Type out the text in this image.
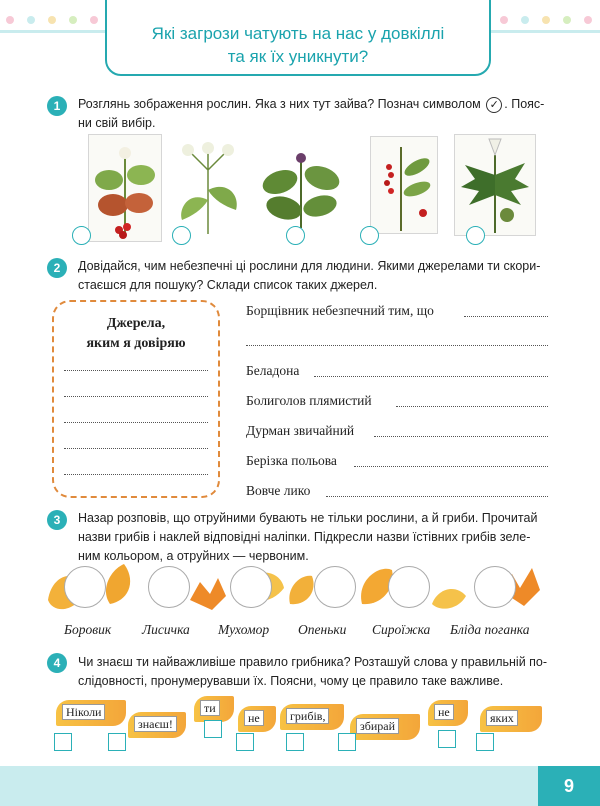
Які загрози чатують на нас у довкіллі
та як їх уникнути?
1	Розглянь зображення рослин. Яка з них тут зайва? Познач символом ✓ . Пояс-
ни свій вибір.
2	Довідайся, чим небезпечні ці рослини для людини. Якими джерелами ти скори-
стаєшся для пошуку? Склади список таких джерел.
Джерела,
яким я довіряю
Борщівник небезпечний тим, що
Беладона
Болиголов плямистий
Дурман звичайний
Берізка польова
Вовче лико
3	Назар розповів, що отруйними бувають не тільки рослини, а й гриби. Прочитай
назви грибів і наклей відповідні наліпки. Підкресли назви їстівних грибів зеле-
ним кольором, а отруйних — червоним.
Боровик Лисичка Мухомор Опеньки Сироїжка Бліда поганка
4	Чи знаєш ти найважливіше правило грибника? Розташуй слова у правильній по-
слідовності, пронумерувавши їх. Поясни, чому це правило таке важливе.
Ніколи
знаєш!
ти
не	грибів,
збирай
не	яких
9
